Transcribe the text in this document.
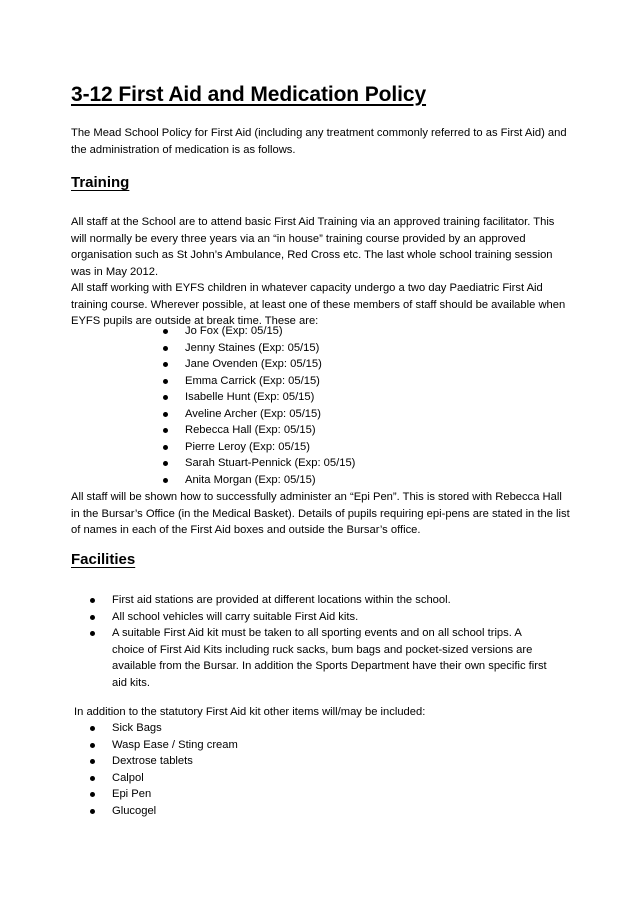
3-12 First Aid and Medication Policy

The Mead School Policy for First Aid (including any treatment commonly referred to as First Aid) and the administration of medication is as follows.

Training

All staff at the School are to attend basic First Aid Training via an approved training facilitator. This will normally be every three years via an “in house” training course provided by an approved organisation such as St John’s Ambulance, Red Cross etc. The last whole school training session was in May 2012.

All staff working with EYFS children in whatever capacity undergo a two day Paediatric First Aid training course. Wherever possible, at least one of these members of staff should be available when EYFS pupils are outside at break time. These are:

Jo Fox (Exp: 05/15)
Jenny Staines (Exp: 05/15)
Jane Ovenden (Exp: 05/15)
Emma Carrick (Exp: 05/15)
Isabelle Hunt (Exp: 05/15)
Aveline Archer (Exp: 05/15)
Rebecca Hall (Exp: 05/15)
Pierre Leroy (Exp: 05/15)
Sarah Stuart-Pennick (Exp: 05/15)
Anita Morgan (Exp: 05/15)

All staff will be shown how to successfully administer an “Epi Pen”. This is stored with Rebecca Hall in the Bursar’s Office (in the Medical Basket). Details of pupils requiring epi-pens are stated in the list of names in each of the First Aid boxes and outside the Bursar’s office.

Facilities
First aid stations are provided at different locations within the school.
All school vehicles will carry suitable First Aid kits.
A suitable First Aid kit must be taken to all sporting events and on all school trips. A choice of First Aid Kits including ruck sacks, bum bags and pocket-sized versions are available from the Bursar. In addition the Sports Department have their own specific first aid kits.

In addition to the statutory First Aid kit other items will/may be included:

Sick Bags
Wasp Ease / Sting cream
Dextrose tablets
Calpol
Epi Pen
Glucogel
